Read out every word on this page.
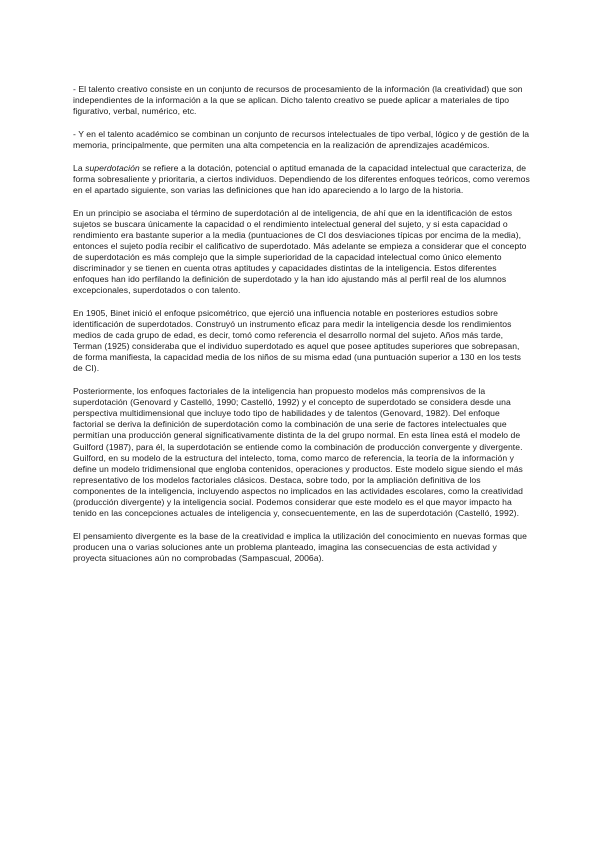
- El talento creativo consiste en un conjunto de recursos de procesamiento de la información (la creatividad) que son independientes de la información a la que se aplican. Dicho talento creativo se puede aplicar a materiales de tipo figurativo, verbal, numérico, etc.

- Y en el talento académico se combinan un conjunto de recursos intelectuales de tipo verbal, lógico y de gestión de la memoria, principalmente, que permiten una alta competencia en la realización de aprendizajes académicos.

La superdotación se refiere a la dotación, potencial o aptitud emanada de la capacidad intelectual que caracteriza, de forma sobresaliente y prioritaria, a ciertos individuos. Dependiendo de los diferentes enfoques teóricos, como veremos en el apartado siguiente, son varias las definiciones que han ido apareciendo a lo largo de la historia.

En un principio se asociaba el término de superdotación al de inteligencia, de ahí que en la identificación de estos sujetos se buscara únicamente la capacidad o el rendimiento intelectual general del sujeto, y si esta capacidad o rendimiento era bastante superior a la media (puntuaciones de CI dos desviaciones típicas por encima de la media), entonces el sujeto podía recibir el calificativo de superdotado. Más adelante se empieza a considerar que el concepto de superdotación es más complejo que la simple superioridad de la capacidad intelectual como único elemento discriminador y se tienen en cuenta otras aptitudes y capacidades distintas de la inteligencia. Estos diferentes enfoques han ido perfilando la definición de superdotado y la han ido ajustando más al perfil real de los alumnos excepcionales, superdotados o con talento.

En 1905, Binet inició el enfoque psicométrico, que ejerció una influencia notable en posteriores estudios sobre identificación de superdotados. Construyó un instrumento eficaz para medir la inteligencia desde los rendimientos medios de cada grupo de edad, es decir, tomó como referencia el desarrollo normal del sujeto. Años más tarde, Terman (1925) consideraba que el individuo superdotado es aquel que posee aptitudes superiores que sobrepasan, de forma manifiesta, la capacidad media de los niños de su misma edad (una puntuación superior a 130 en los tests de CI).

Posteriormente, los enfoques factoriales de la inteligencia han propuesto modelos más comprensivos de la superdotación (Genovard y Castelló, 1990; Castelló, 1992) y el concepto de superdotado se considera desde una perspectiva multidimensional que incluye todo tipo de habilidades y de talentos (Genovard, 1982). Del enfoque factorial se deriva la definición de superdotación como la combinación de una serie de factores intelectuales que permitían una producción general significativamente distinta de la del grupo normal. En esta línea está el modelo de Guilford (1987), para él, la superdotación se entiende como la combinación de producción convergente y divergente. Guilford, en su modelo de la estructura del intelecto, toma, como marco de referencia, la teoría de la información y define un modelo tridimensional que engloba contenidos, operaciones y productos. Este modelo sigue siendo el más representativo de los modelos factoriales clásicos. Destaca, sobre todo, por la ampliación definitiva de los componentes de la inteligencia, incluyendo aspectos no implicados en las actividades escolares, como la creatividad (producción divergente) y la inteligencia social. Podemos considerar que este modelo es el que mayor impacto ha tenido en las concepciones actuales de inteligencia y, consecuentemente, en las de superdotación (Castelló, 1992).

El pensamiento divergente es la base de la creatividad e implica la utilización del conocimiento en nuevas formas que producen una o varias soluciones ante un problema planteado, imagina las consecuencias de esta actividad y proyecta situaciones aún no comprobadas (Sampascual, 2006a).
